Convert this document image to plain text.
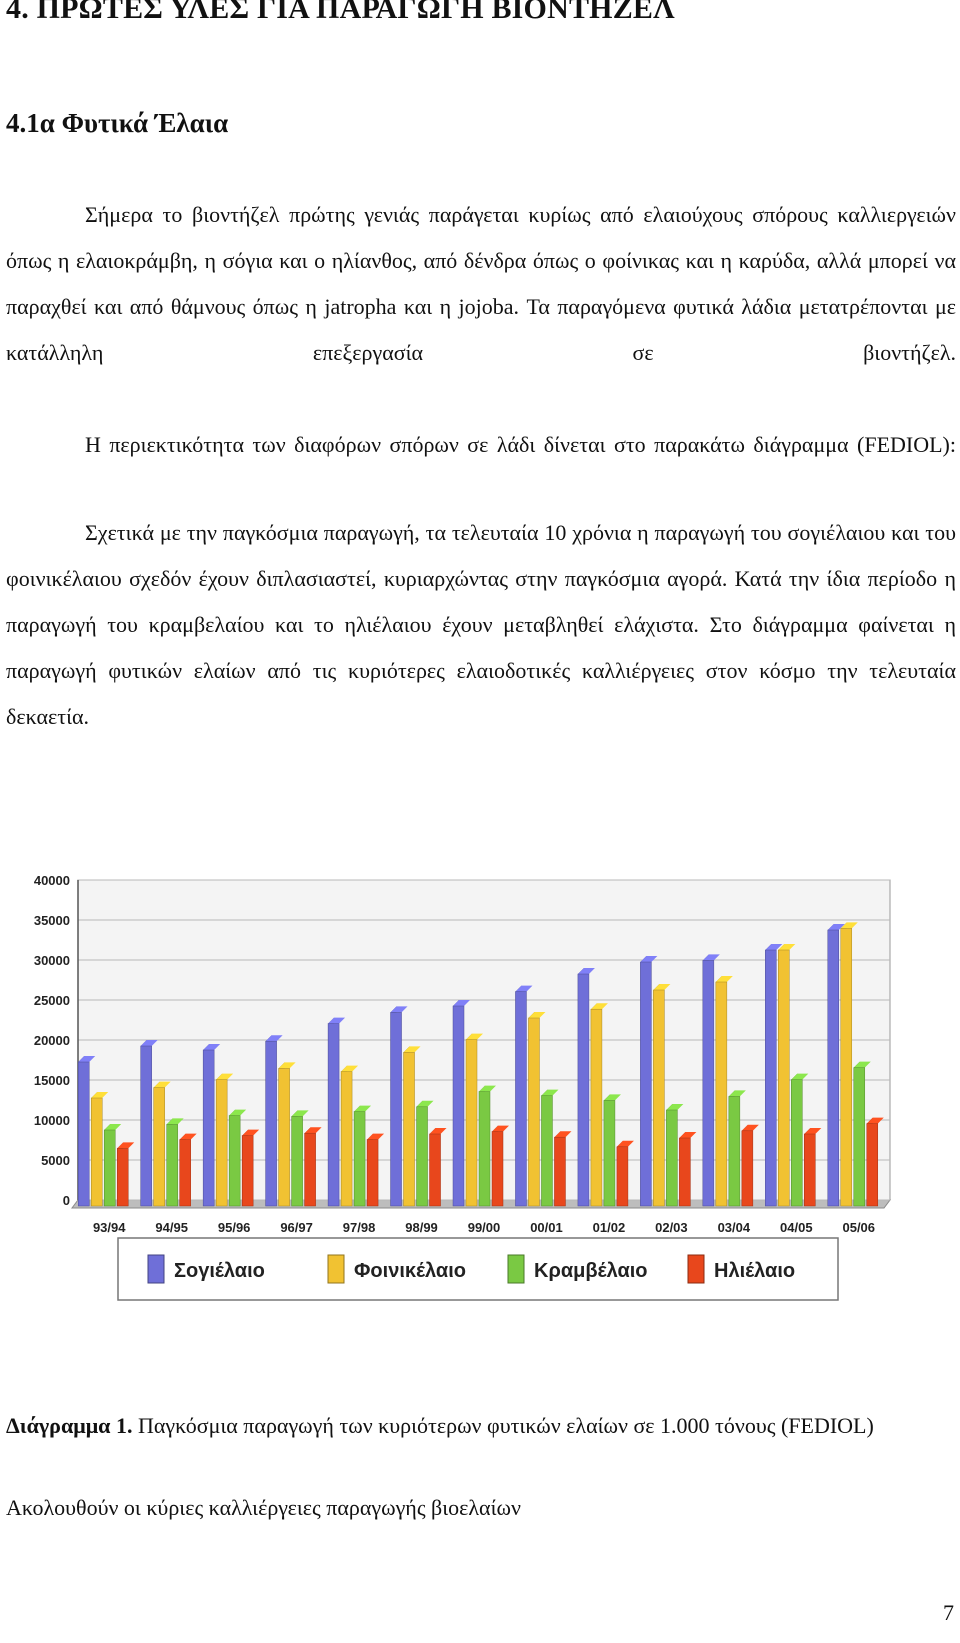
4. ΠΡΩΤΕΣ ΥΛΕΣ ΓΙΑ ΠΑΡΑΓΩΓΗ ΒΙΟΝΤΗΖΕΛ
4.1α Φυτικά Έλαια

Σήμερα το βιοντήζελ πρώτης γενιάς παράγεται κυρίως από ελαιούχους σπόρους καλλιεργειών όπως η ελαιοκράμβη, η σόγια και ο ηλίανθος, από δένδρα όπως ο φοίνικας και η καρύδα, αλλά μπορεί να παραχθεί και από θάμνους όπως η jatropha και η jojoba. Τα παραγόμενα φυτικά λάδια μετατρέπονται με κατάλληλη επεξεργασία σε βιοντήζελ.

Η περιεκτικότητα των διαφόρων σπόρων σε λάδι δίνεται στο παρακάτω διάγραμμα (FEDIOL):

Σχετικά με την παγκόσμια παραγωγή, τα τελευταία 10 χρόνια η παραγωγή του σογιέλαιου και του φοινικέλαιου σχεδόν έχουν διπλασιαστεί, κυριαρχώντας στην παγκόσμια αγορά. Κατά την ίδια περίοδο η παραγωγή του κραμβελαίου και το ηλιέλαιου έχουν μεταβληθεί ελάχιστα. Στο διάγραμμα φαίνεται η παραγωγή φυτικών ελαίων από τις κυριότερες ελαιοδοτικές καλλιέργειες στον κόσμο την τελευταία δεκαετία.

0
5000
10000
15000
20000
25000
30000
35000
40000
93/94 94/95 95/96 96/97 97/98 98/99 99/00 00/01 01/02 02/03 03/04 04/05 05/06
Σογιέλαιο	Φοινικέλαιο	Κραμβέλαιο	Ηλιέλαιο

Διάγραμμα 1. Παγκόσμια παραγωγή των κυριότερων φυτικών ελαίων σε 1.000 τόνους (FEDIOL)

Ακολουθούν οι κύριες καλλιέργειες παραγωγής βιοελαίων

7
